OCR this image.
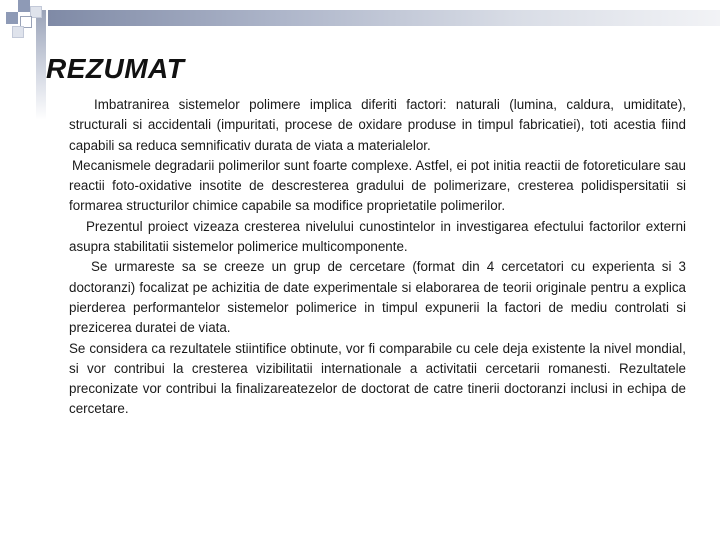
REZUMAT

Imbatranirea sistemelor polimere implica diferiti factori: naturali (lumina, caldura, umiditate), structurali si accidentali (impuritati, procese de oxidare produse in timpul fabricatiei), toti acestia fiind capabili sa reduca semnificativ durata de viata a materialelor.

Mecanismele degradarii polimerilor sunt foarte complexe. Astfel, ei pot initia reactii de fotoreticulare sau reactii foto-oxidative insotite de descresterea gradului de polimerizare, cresterea polidispersitatii si formarea structurilor chimice capabile sa modifice proprietatile polimerilor.

Prezentul proiect vizeaza cresterea nivelului cunostintelor in investigarea efectului factorilor externi asupra stabilitatii sistemelor polimerice multicomponente.

Se urmareste sa se creeze un grup de cercetare (format din 4 cercetatori cu experienta si 3 doctoranzi) focalizat pe achizitia de date experimentale si elaborarea de teorii originale pentru a explica pierderea performantelor sistemelor polimerice in timpul expunerii la factori de mediu controlati si prezicerea duratei de viata.

Se considera ca rezultatele stiintifice obtinute, vor fi comparabile cu cele deja existente la nivel mondial, si vor contribui la cresterea vizibilitatii internationale a activitatii cercetarii romanesti. Rezultatele preconizate vor contribui la finalizareatezelor de doctorat de catre tinerii doctoranzi inclusi in echipa de cercetare.
